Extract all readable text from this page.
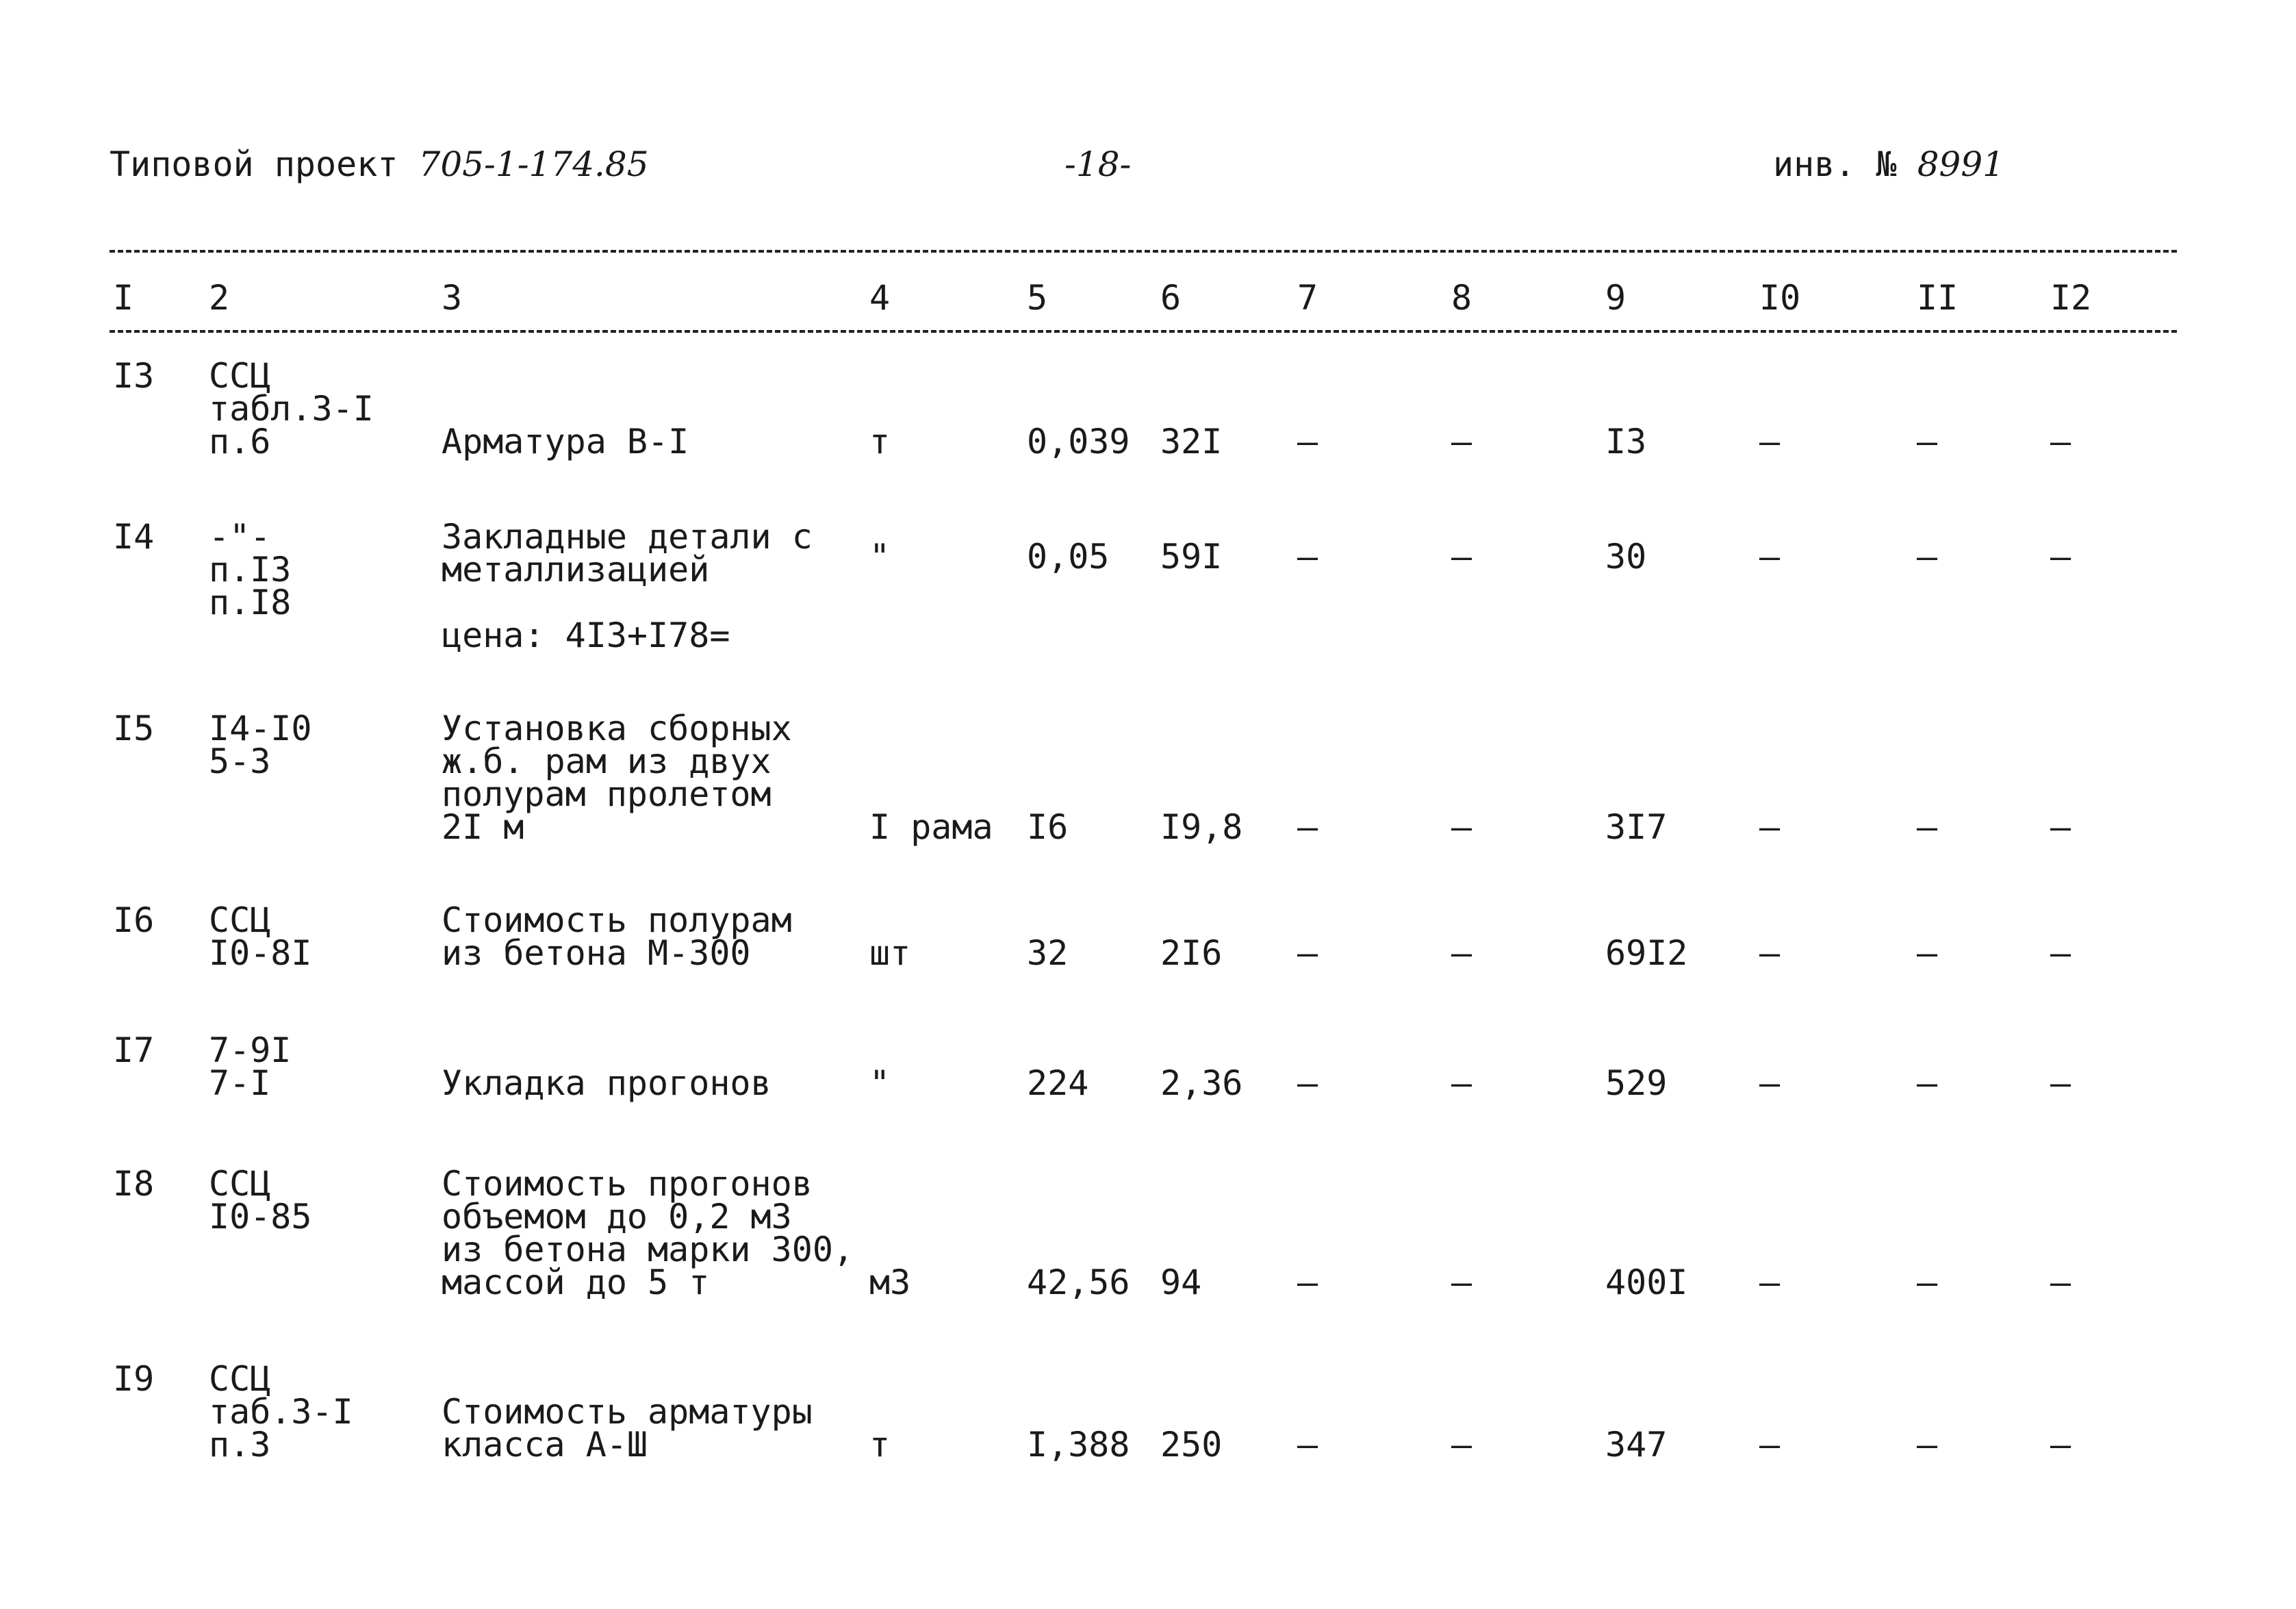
Типовой проект 705-1-174.85	-18-	инв. № 8991
I 2	3	4	5	6	7	8	9	I0	II	I2
I3 ССЦ
табл.3-I
п.6	Арматура В-I	т	0,039 32I –	–	I3	–	–	–
I4 -"-
п.I3
п.I8
Закладные детали с
металлизацией	"	0,05 59I –	–	30	–	–	–
цена: 4I3+I78=
I5 I4-I0
5-3
Установка сборных
ж.б. рам из двух
полурам пролетом
2I м	I рама I6	I9,8 –	–	3I7	–	–	–
I6 ССЦ
I0-8I
Стоимость полурам
из бетона М-300	шт	32	2I6 –	–	69I2 –	–	–
I7 7-9I
7-I	Укладка прогонов	"	224 2,36 –	–	529	–	–	–
I8 ССЦ
I0-85
Стоимость прогонов
объемом до 0,2 м3
из бетона марки 300,
массой до 5 т	м3	42,56 94	–	–	400I –	–	–
I9 ССЦ
таб.3-I
п.3
Стоимость арматуры
класса А-Ш	т	I,388 250 –	–	347	–	–	–
